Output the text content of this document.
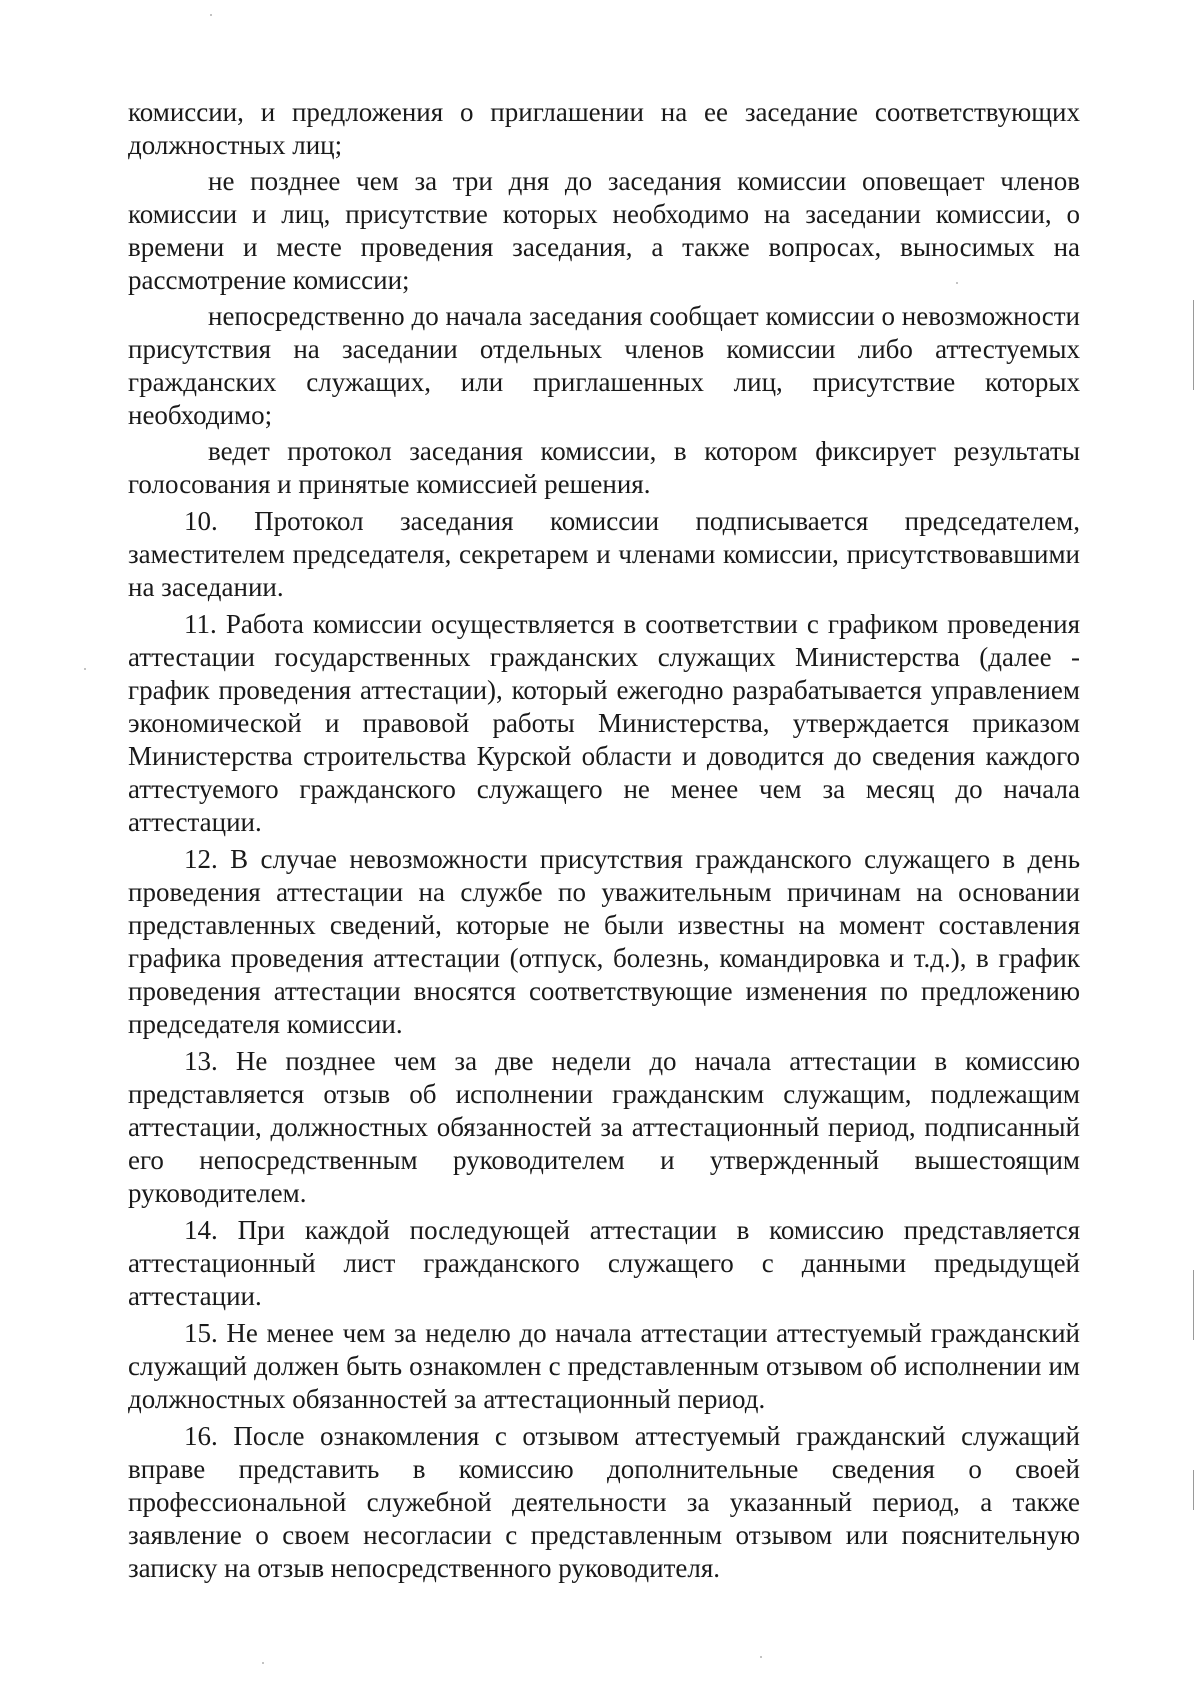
комиссии, и предложения о приглашении на ее заседание соответствующих должностных лиц;

не позднее чем за три дня до заседания комиссии оповещает членов комиссии и лиц, присутствие которых необходимо на заседании комиссии, о времени и месте проведения заседания, а также вопросах, выносимых на рассмотрение комиссии;

непосредственно до начала заседания сообщает комиссии о невозможности присутствия на заседании отдельных членов комиссии либо аттестуемых гражданских служащих, или приглашенных лиц, присутствие которых необходимо;

ведет протокол заседания комиссии, в котором фиксирует результаты голосования и принятые комиссией решения.

10. Протокол заседания комиссии подписывается председателем, заместителем председателя, секретарем и членами комиссии, присутствовавшими на заседании.

11. Работа комиссии осуществляется в соответствии с графиком проведения аттестации государственных гражданских служащих Министерства (далее - график проведения аттестации), который ежегодно разрабатывается управлением экономической и правовой работы Министерства, утверждается приказом Министерства строительства Курской области и доводится до сведения каждого аттестуемого гражданского служащего не менее чем за месяц до начала аттестации.

12. В случае невозможности присутствия гражданского служащего в день проведения аттестации на службе по уважительным причинам на основании представленных сведений, которые не были известны на момент составления графика проведения аттестации (отпуск, болезнь, командировка и т.д.), в график проведения аттестации вносятся соответствующие изменения по предложению председателя комиссии.

13. Не позднее чем за две недели до начала аттестации в комиссию представляется отзыв об исполнении гражданским служащим, подлежащим аттестации, должностных обязанностей за аттестационный период, подписанный его непосредственным руководителем и утвержденный вышестоящим руководителем.

14. При каждой последующей аттестации в комиссию представляется аттестационный лист гражданского служащего с данными предыдущей аттестации.

15. Не менее чем за неделю до начала аттестации аттестуемый гражданский служащий должен быть ознакомлен с представленным отзывом об исполнении им должностных обязанностей за аттестационный период.

16. После ознакомления с отзывом аттестуемый гражданский служащий вправе представить в комиссию дополнительные сведения о своей профессиональной служебной деятельности за указанный период, а также заявление о своем несогласии с представленным отзывом или пояснительную записку на отзыв непосредственного руководителя.
